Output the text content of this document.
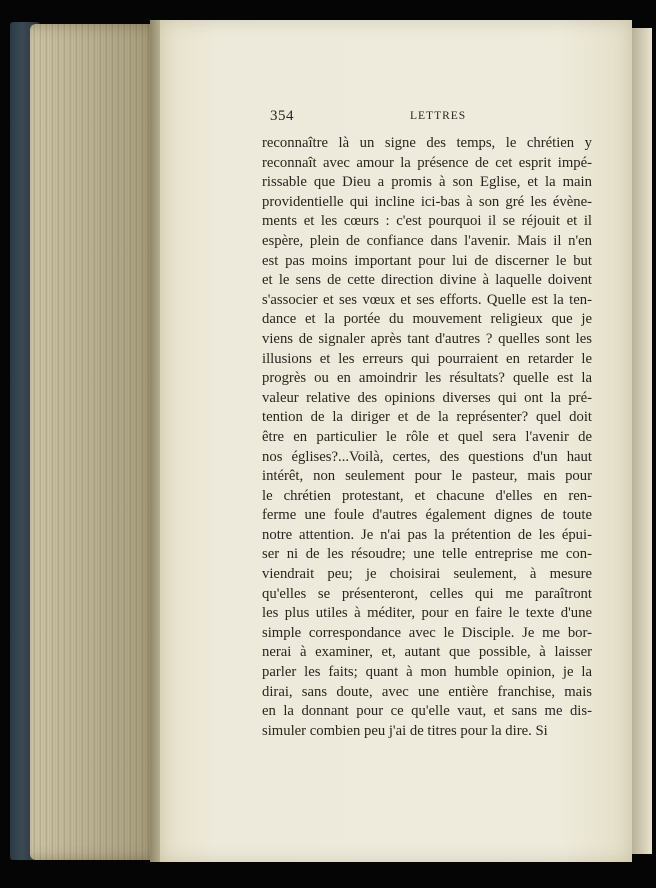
354	LETTRES
reconnaître là un signe des temps, le chrétien y
reconnaît avec amour la présence de cet esprit impé-
rissable que Dieu a promis à son Eglise, et la main
providentielle qui incline ici-bas à son gré les évène-
ments et les cœurs : c'est pourquoi il se réjouit et il
espère, plein de confiance dans l'avenir. Mais il n'en
est pas moins important pour lui de discerner le but
et le sens de cette direction divine à laquelle doivent
s'associer et ses vœux et ses efforts. Quelle est la ten-
dance et la portée du mouvement religieux que je
viens de signaler après tant d'autres ? quelles sont les
illusions et les erreurs qui pourraient en retarder le
progrès ou en amoindrir les résultats? quelle est la
valeur relative des opinions diverses qui ont la pré-
tention de la diriger et de la représenter? quel doit
être en particulier le rôle et quel sera l'avenir de
nos églises?...Voilà, certes, des questions d'un haut
intérêt, non seulement pour le pasteur, mais pour
le chrétien protestant, et chacune d'elles en ren-
ferme une foule d'autres également dignes de toute
notre attention. Je n'ai pas la prétention de les épui-
ser ni de les résoudre; une telle entreprise me con-
viendrait peu; je choisirai seulement, à mesure
qu'elles se présenteront, celles qui me paraîtront
les plus utiles à méditer, pour en faire le texte d'une
simple correspondance avec le Disciple. Je me bor-
nerai à examiner, et, autant que possible, à laisser
parler les faits; quant à mon humble opinion, je la
dirai, sans doute, avec une entière franchise, mais
en la donnant pour ce qu'elle vaut, et sans me dis-
simuler combien peu j'ai de titres pour la dire. Si
